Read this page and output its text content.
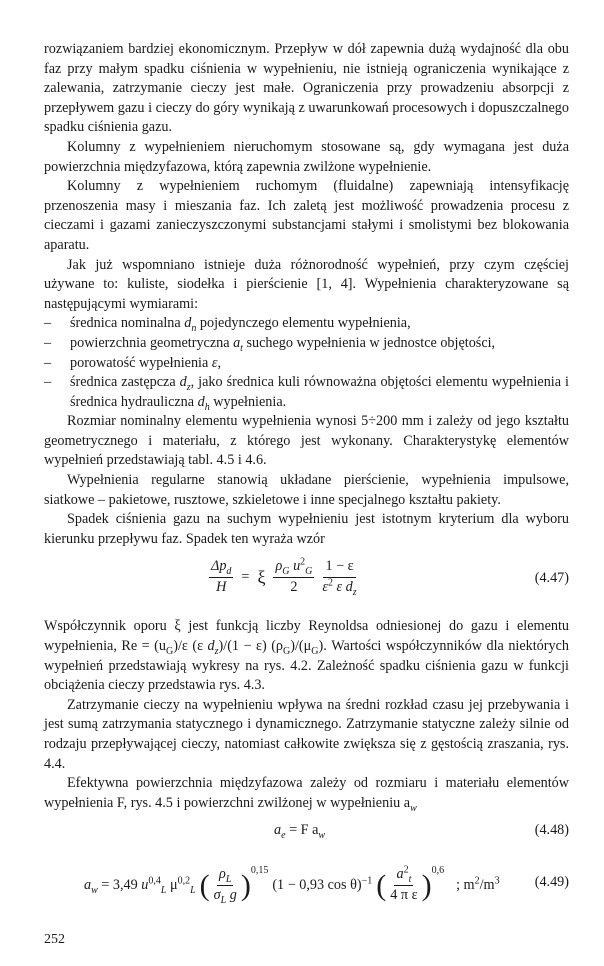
rozwiązaniem bardziej ekonomicznym. Przepływ w dół zapewnia dużą wydajność dla obu faz przy małym spadku ciśnienia w wypełnieniu, nie istnieją ograniczenia wynikające z zalewania, zatrzymanie cieczy jest małe. Ograniczenia przy prowadzeniu absorpcji z przepływem gazu i cieczy do góry wynikają z uwarunkowań procesowych i dopuszczalnego spadku ciśnienia gazu.

Kolumny z wypełnieniem nieruchomym stosowane są, gdy wymagana jest duża powierzchnia międzyfazowa, którą zapewnia zwilżone wypełnienie.

Kolumny z wypełnieniem ruchomym (fluidalne) zapewniają intensyfikację przenoszenia masy i mieszania faz. Ich zaletą jest możliwość prowadzenia procesu z cieczami i gazami zanieczyszczonymi substancjami stałymi i smolistymi bez blokowania aparatu.

Jak już wspomniano istnieje duża różnorodność wypełnień, przy czym częściej używane to: kuliste, siodełka i pierścienie [1, 4]. Wypełnienia charakteryzowane są następującymi wymiarami:

–	średnica nominalna $d_n$ pojedynczego elementu wypełnienia,
–	powierzchnia geometryczna $a_t$ suchego wypełnienia w jednostce objętości,
–	porowatość wypełnienia ε,
–	średnica zastępcza $d_z$, jako średnica kuli równoważna objętości elementu wypełnienia i średnica hydrauliczna $d_h$ wypełnienia.

Rozmiar nominalny elementu wypełnienia wynosi 5÷200 mm i zależy od jego kształtu geometrycznego i materiału, z którego jest wykonany. Charakterystykę elementów wypełnień przedstawiają tabl. 4.5 i 4.6.

Wypełnienia regularne stanowią układane pierścienie, wypełnienia impulsowe, siatkowe – pakietowe, rusztowe, szkieletowe i inne specjalnego kształtu pakiety.

Spadek ciśnienia gazu na suchym wypełnieniu jest istotnym kryterium dla wyboru kierunku przepływu faz. Spadek ten wyraża wzór

$\frac{\Delta p_d}{H} = \xi \frac{\rho_G u^2_G}{2} \frac{1 - \varepsilon}{\varepsilon^2 \varepsilon d_z}$	(4.47)

Współczynnik oporu ξ jest funkcją liczby Reynoldsa odniesionej do gazu i elementu wypełnienia, $Re = (u_G)/\varepsilon$ (ε $d_z)/(1 - \varepsilon)$ $(\rho_G)/(\mu_G)$. Wartości współczynników dla niektórych wypełnień przedstawiają wykresy na rys. 4.2. Zależność spadku ciśnienia gazu w funkcji obciążenia cieczy przedstawia rys. 4.3.

Zatrzymanie cieczy na wypełnieniu wpływa na średni rozkład czasu jej przebywania i jest sumą zatrzymania statycznego i dynamicznego. Zatrzymanie statyczne zależy silnie od rodzaju przepływającej cieczy, natomiast całkowite zwiększa się z gęstością zraszania, rys. 4.4.

Efektywna powierzchnia międzyfazowa zależy od rozmiaru i materiału elementów wypełnienia F, rys. 4.5 i powierzchni zwilżonej w wypełnieniu $a_w$

$a_e = F$ $a_w$	(4.48)
$a_w = 3,49$ $u^{0,4}_L$ $\mu^{0,2}_L$ ( $\frac{\rho_L}{\sigma_L g} )^{0,15}$
(1 − 0,93 cos θ)$^{-1}$ ( $\frac{a^2_t}{\text{4 π ε}} )^{0,6}$
; $m^2/m^3$ (4.49)
252
